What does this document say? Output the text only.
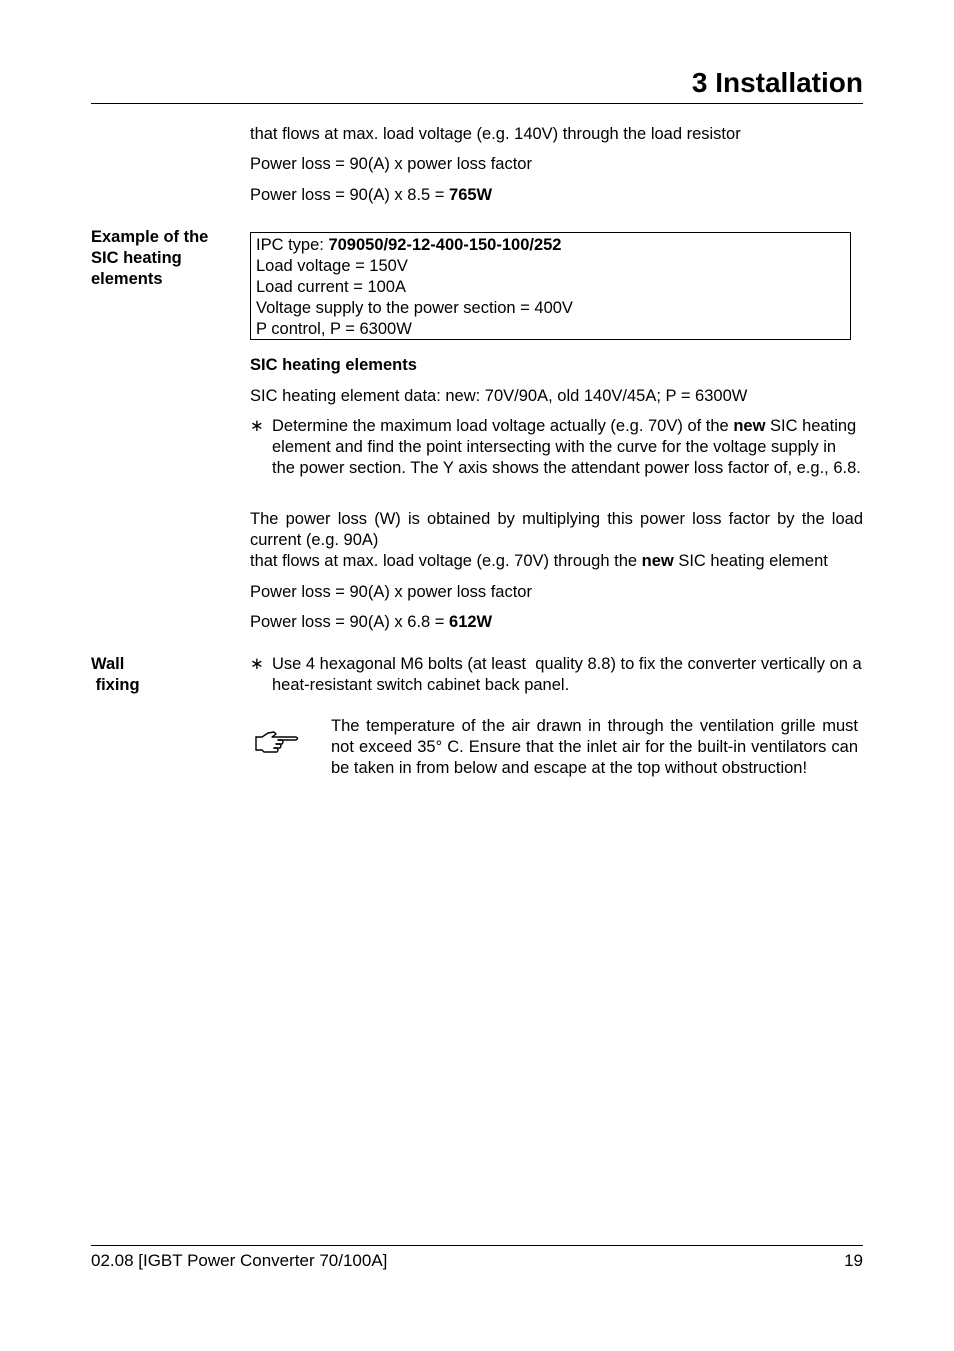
3 Installation
that flows at max. load voltage (e.g. 140V) through the load resistor
Power loss = 90(A) x power loss factor
Power loss = 90(A) x 8.5 = 765W
Example of the
SIC heating
elements
IPC type: 709050/92-12-400-150-100/252
Load voltage = 150V
Load current = 100A
Voltage supply to the power section = 400V
P control, P = 6300W
SIC heating elements
SIC heating element data: new: 70V/90A, old 140V/45A; P = 6300W
∗ Determine the maximum load voltage actually (e.g. 70V) of the new SIC heating element and find the point intersecting with the curve for the voltage supply in the power section. The Y axis shows the attendant power loss factor of, e.g., 6.8.
The power loss (W) is obtained by multiplying this power loss factor by the load current (e.g. 90A)
that flows at max. load voltage (e.g. 70V) through the new SIC heating element
Power loss = 90(A) x power loss factor
Power loss = 90(A) x 6.8 = 612W
Wall
fixing
∗ Use 4 hexagonal M6 bolts (at least  quality 8.8) to fix the converter vertically on a heat-resistant switch cabinet back panel.
The temperature of the air drawn in through the ventilation grille must not exceed 35° C. Ensure that the inlet air for the built-in ventilators can be taken in from below and escape at the top without obstruction!
02.08 [IGBT Power Converter 70/100A]	19
